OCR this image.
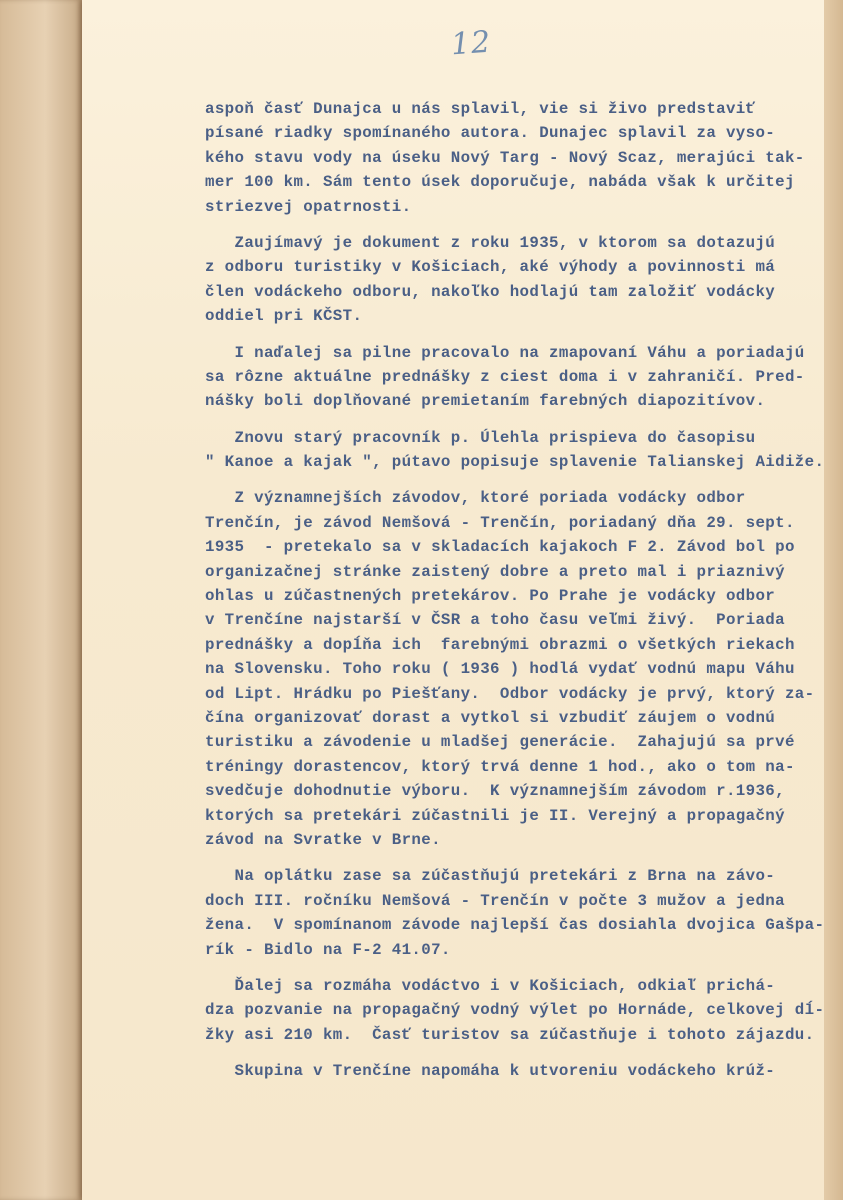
12
aspoň časť Dunajca u nás splavil, vie si živo predstaviť
písané riadky spomínaného autora. Dunajec splavil za vyso-
kého stavu vody na úseku Nový Targ - Nový Scaz, merajúci tak-
mer 100 km. Sám tento úsek doporučuje, nabáda však k určitej
striezvej opatrnosti.
Zaujímavý je dokument z roku 1935, v ktorom sa dotazujú
z odboru turistiky v Košiciach, aké výhody a povinnosti má
člen vodáckeho odboru, nakoľko hodlajú tam založiť vodácky
oddiel pri KČST.
I naďalej sa pilne pracovalo na zmapovaní Váhu a poriadajú
sa rôzne aktuálne prednášky z ciest doma i v zahraničí. Pred-
nášky boli doplňované premietaním farebných diapozitívov.
Znovu starý pracovník p. Úlehla prispieva do časopisu
" Kanoe a kajak ", pútavo popisuje splavenie Talianskej Aidiže.
Z významnejších závodov, ktoré poriada vodácky odbor
Trenčín, je závod Nemšová - Trenčín, poriadaný dňa 29. sept.
1935  - pretekalo sa v skladacích kajakoch F 2. Závod bol po
organizačnej stránke zaistený dobre a preto mal i priaznivý
ohlas u zúčastnených pretekárov. Po Prahe je vodácky odbor
v Trenčíne najstarší v ČSR a toho času veľmi živý.  Poriada
prednášky a dopĺňa ich  farebnými obrazmi o všetkých riekach
na Slovensku. Toho roku ( 1936 ) hodlá vydať vodnú mapu Váhu
od Lipt. Hrádku po Piešťany.  Odbor vodácky je prvý, ktorý za-
čína organizovať dorast a vytkol si vzbudiť záujem o vodnú
turistiku a závodenie u mladšej generácie.  Zahajujú sa prvé
tréningy dorastencov, ktorý trvá denne 1 hod., ako o tom na-
svedčuje dohodnutie výboru.  K významnejším závodom r.1936,
ktorých sa pretekári zúčastnili je II. Verejný a propagačný
závod na Svratke v Brne.
Na oplátku zase sa zúčastňujú pretekári z Brna na závo-
doch III. ročníku Nemšová - Trenčín v počte 3 mužov a jedna
žena.  V spomínanom závode najlepší čas dosiahla dvojica Gašpa-
rík - Bidlo na F-2 41.07.
Ďalej sa rozmáha vodáctvo i v Košiciach, odkiaľ prichá-
dza pozvanie na propagačný vodný výlet po Hornáde, celkovej dĺ-
žky asi 210 km.  Časť turistov sa zúčastňuje i tohoto zájazdu.
Skupina v Trenčíne napomáha k utvoreniu vodáckeho krúž-
